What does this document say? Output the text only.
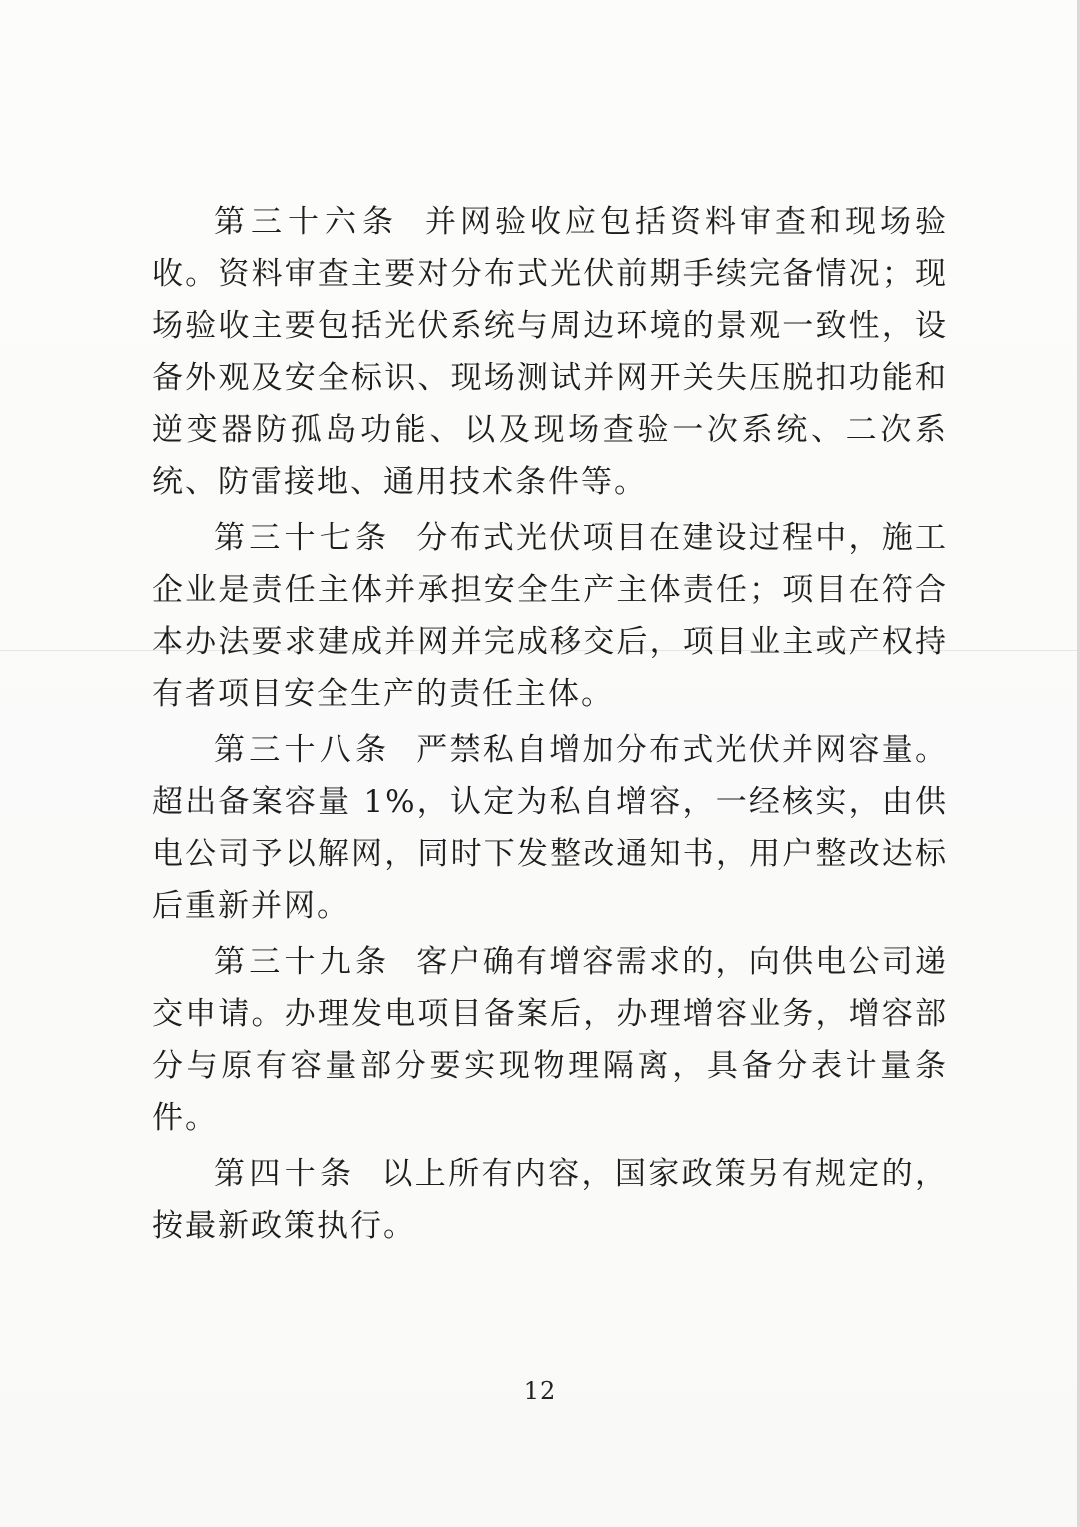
第三十六条 并网验收应包括资料审查和现场验收。资料审查主要对分布式光伏前期手续完备情况；现场验收主要包括光伏系统与周边环境的景观一致性，设备外观及安全标识、现场测试并网开关失压脱扣功能和逆变器防孤岛功能、以及现场查验一次系统、二次系统、防雷接地、通用技术条件等。

第三十七条 分布式光伏项目在建设过程中，施工企业是责任主体并承担安全生产主体责任；项目在符合本办法要求建成并网并完成移交后，项目业主或产权持有者项目安全生产的责任主体。

第三十八条 严禁私自增加分布式光伏并网容量。超出备案容量 1%，认定为私自增容，一经核实，由供电公司予以解网，同时下发整改通知书，用户整改达标后重新并网。

第三十九条 客户确有增容需求的，向供电公司递交申请。办理发电项目备案后，办理增容业务，增容部分与原有容量部分要实现物理隔离，具备分表计量条件。

第四十条 以上所有内容，国家政策另有规定的，按最新政策执行。

12
